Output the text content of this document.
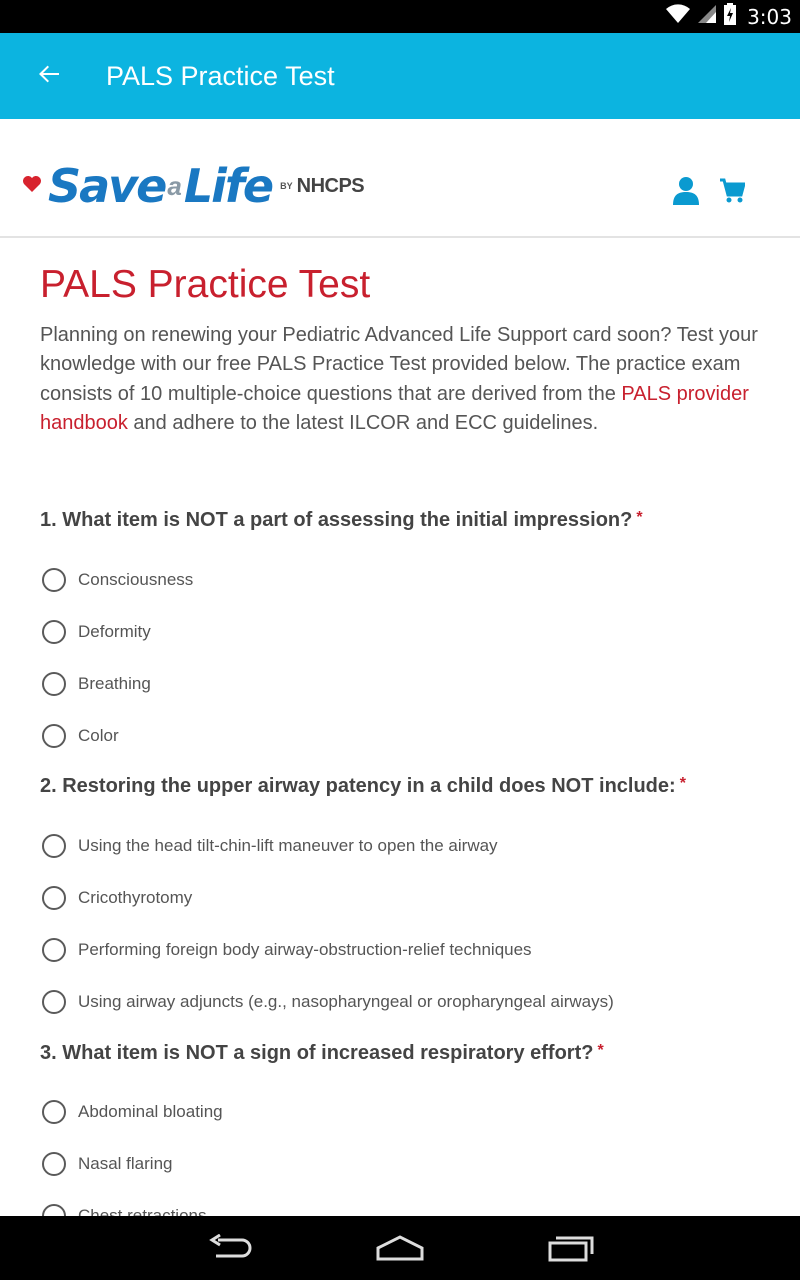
3:03
PALS Practice Test
Save a Life BY NHCPS
PALS Practice Test

Planning on renewing your Pediatric Advanced Life Support card soon? Test your knowledge with our free PALS Practice Test provided below. The practice exam consists of 10 multiple-choice questions that are derived from the PALS provider handbook and adhere to the latest ILCOR and ECC guidelines.

1. What item is NOT a part of assessing the initial impression? *
Consciousness
Deformity
Breathing
Color
2. Restoring the upper airway patency in a child does NOT include: *
Using the head tilt-chin-lift maneuver to open the airway
Cricothyrotomy
Performing foreign body airway-obstruction-relief techniques
Using airway adjuncts (e.g., nasopharyngeal or oropharyngeal airways)
3. What item is NOT a sign of increased respiratory effort? *
Abdominal bloating
Nasal flaring
